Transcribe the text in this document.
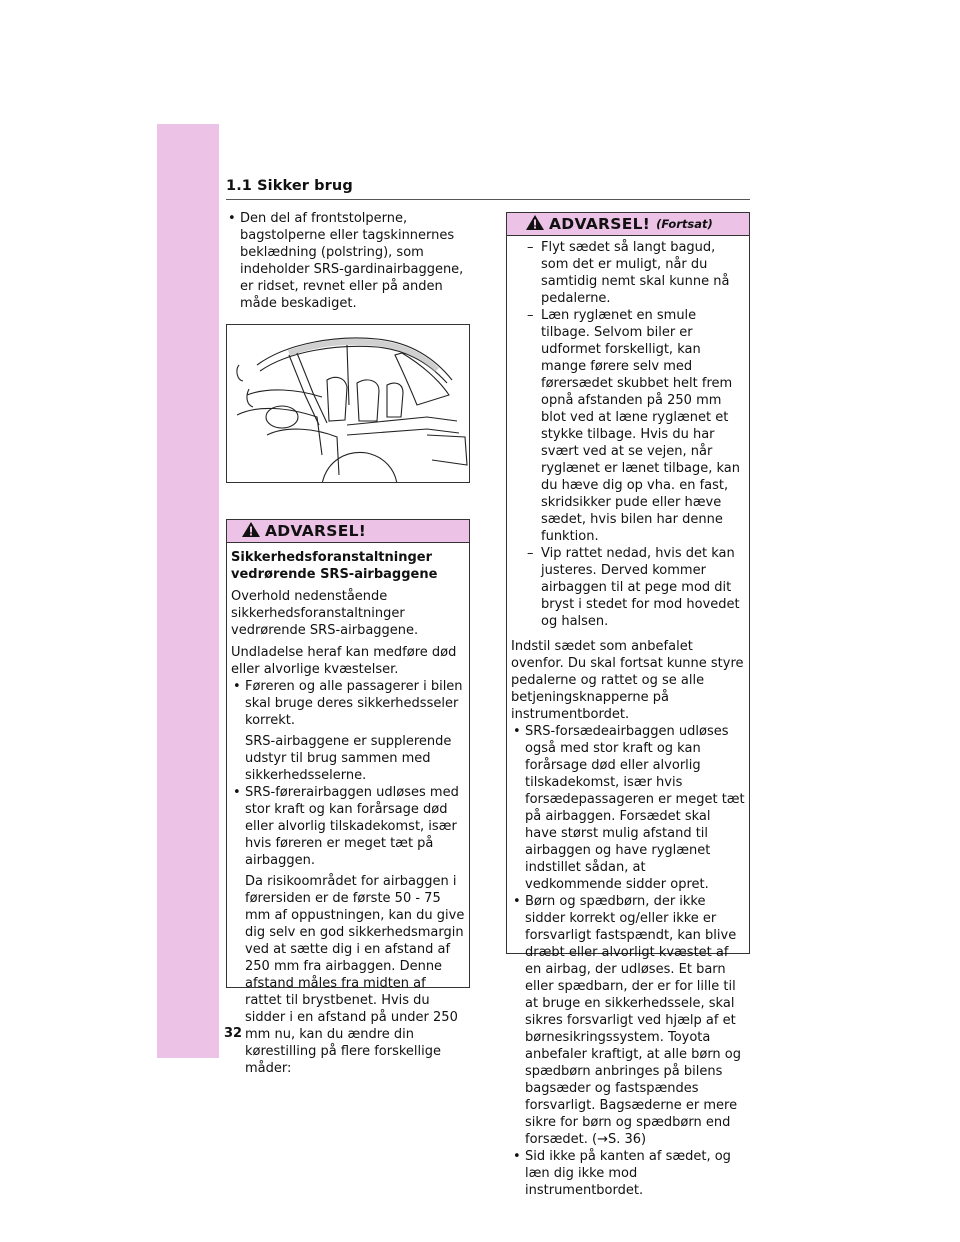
1.1 Sikker brug

• Den del af frontstolperne, bagstolperne eller tagskinnernes beklædning (polstring), som indeholder SRS-gardinairbaggene, er ridset, revnet eller på anden måde beskadiget.

ADVARSEL!

Sikkerhedsforanstaltninger vedrørende SRS-airbaggene

Overhold nedenstående sikkerhedsforanstaltninger vedrørende SRS-airbaggene.

Undladelse heraf kan medføre død eller alvorlige kvæstelser.

• Føreren og alle passagerer i bilen skal bruge deres sikkerhedsseler korrekt.

SRS-airbaggene er supplerende udstyr til brug sammen med sikkerhedsselerne.

• SRS-førerairbaggen udløses med stor kraft og kan forårsage død eller alvorlig tilskadekomst, især hvis føreren er meget tæt på airbaggen.

Da risikoområdet for airbaggen i førersiden er de første 50 - 75 mm af oppustningen, kan du give dig selv en god sikkerhedsmargin ved at sætte dig i en afstand af 250 mm fra airbaggen. Denne afstand måles fra midten af rattet til brystbenet. Hvis du sidder i en afstand på under 250 mm nu, kan du ændre din kørestilling på flere forskellige måder:

ADVARSEL! (Fortsat)

– Flyt sædet så langt bagud, som det er muligt, når du samtidig nemt skal kunne nå pedalerne.

– Læn ryglænet en smule tilbage. Selvom biler er udformet forskelligt, kan mange førere selv med førersædet skubbet helt frem opnå afstanden på 250 mm blot ved at læne ryglænet et stykke tilbage. Hvis du har svært ved at se vejen, når ryglænet er lænet tilbage, kan du hæve dig op vha. en fast, skridsikker pude eller hæve sædet, hvis bilen har denne funktion.

– Vip rattet nedad, hvis det kan justeres. Derved kommer airbaggen til at pege mod dit bryst i stedet for mod hovedet og halsen.

Indstil sædet som anbefalet ovenfor. Du skal fortsat kunne styre pedalerne og rattet og se alle betjeningsknapperne på instrumentbordet.

• SRS-forsædeairbaggen udløses også med stor kraft og kan forårsage død eller alvorlig tilskadekomst, især hvis forsædepassageren er meget tæt på airbaggen. Forsædet skal have størst mulig afstand til airbaggen og have ryglænet indstillet sådan, at vedkommende sidder opret.

• Børn og spædbørn, der ikke sidder korrekt og/eller ikke er forsvarligt fastspændt, kan blive dræbt eller alvorligt kvæstet af en airbag, der udløses. Et barn eller spædbarn, der er for lille til at bruge en sikkerhedssele, skal sikres forsvarligt ved hjælp af et børnesikringssystem. Toyota anbefaler kraftigt, at alle børn og spædbørn anbringes på bilens bagsæder og fastspændes forsvarligt. Bagsæderne er mere sikre for børn og spædbørn end forsædet. (→S. 36)

• Sid ikke på kanten af sædet, og læn dig ikke mod instrumentbordet.

32
